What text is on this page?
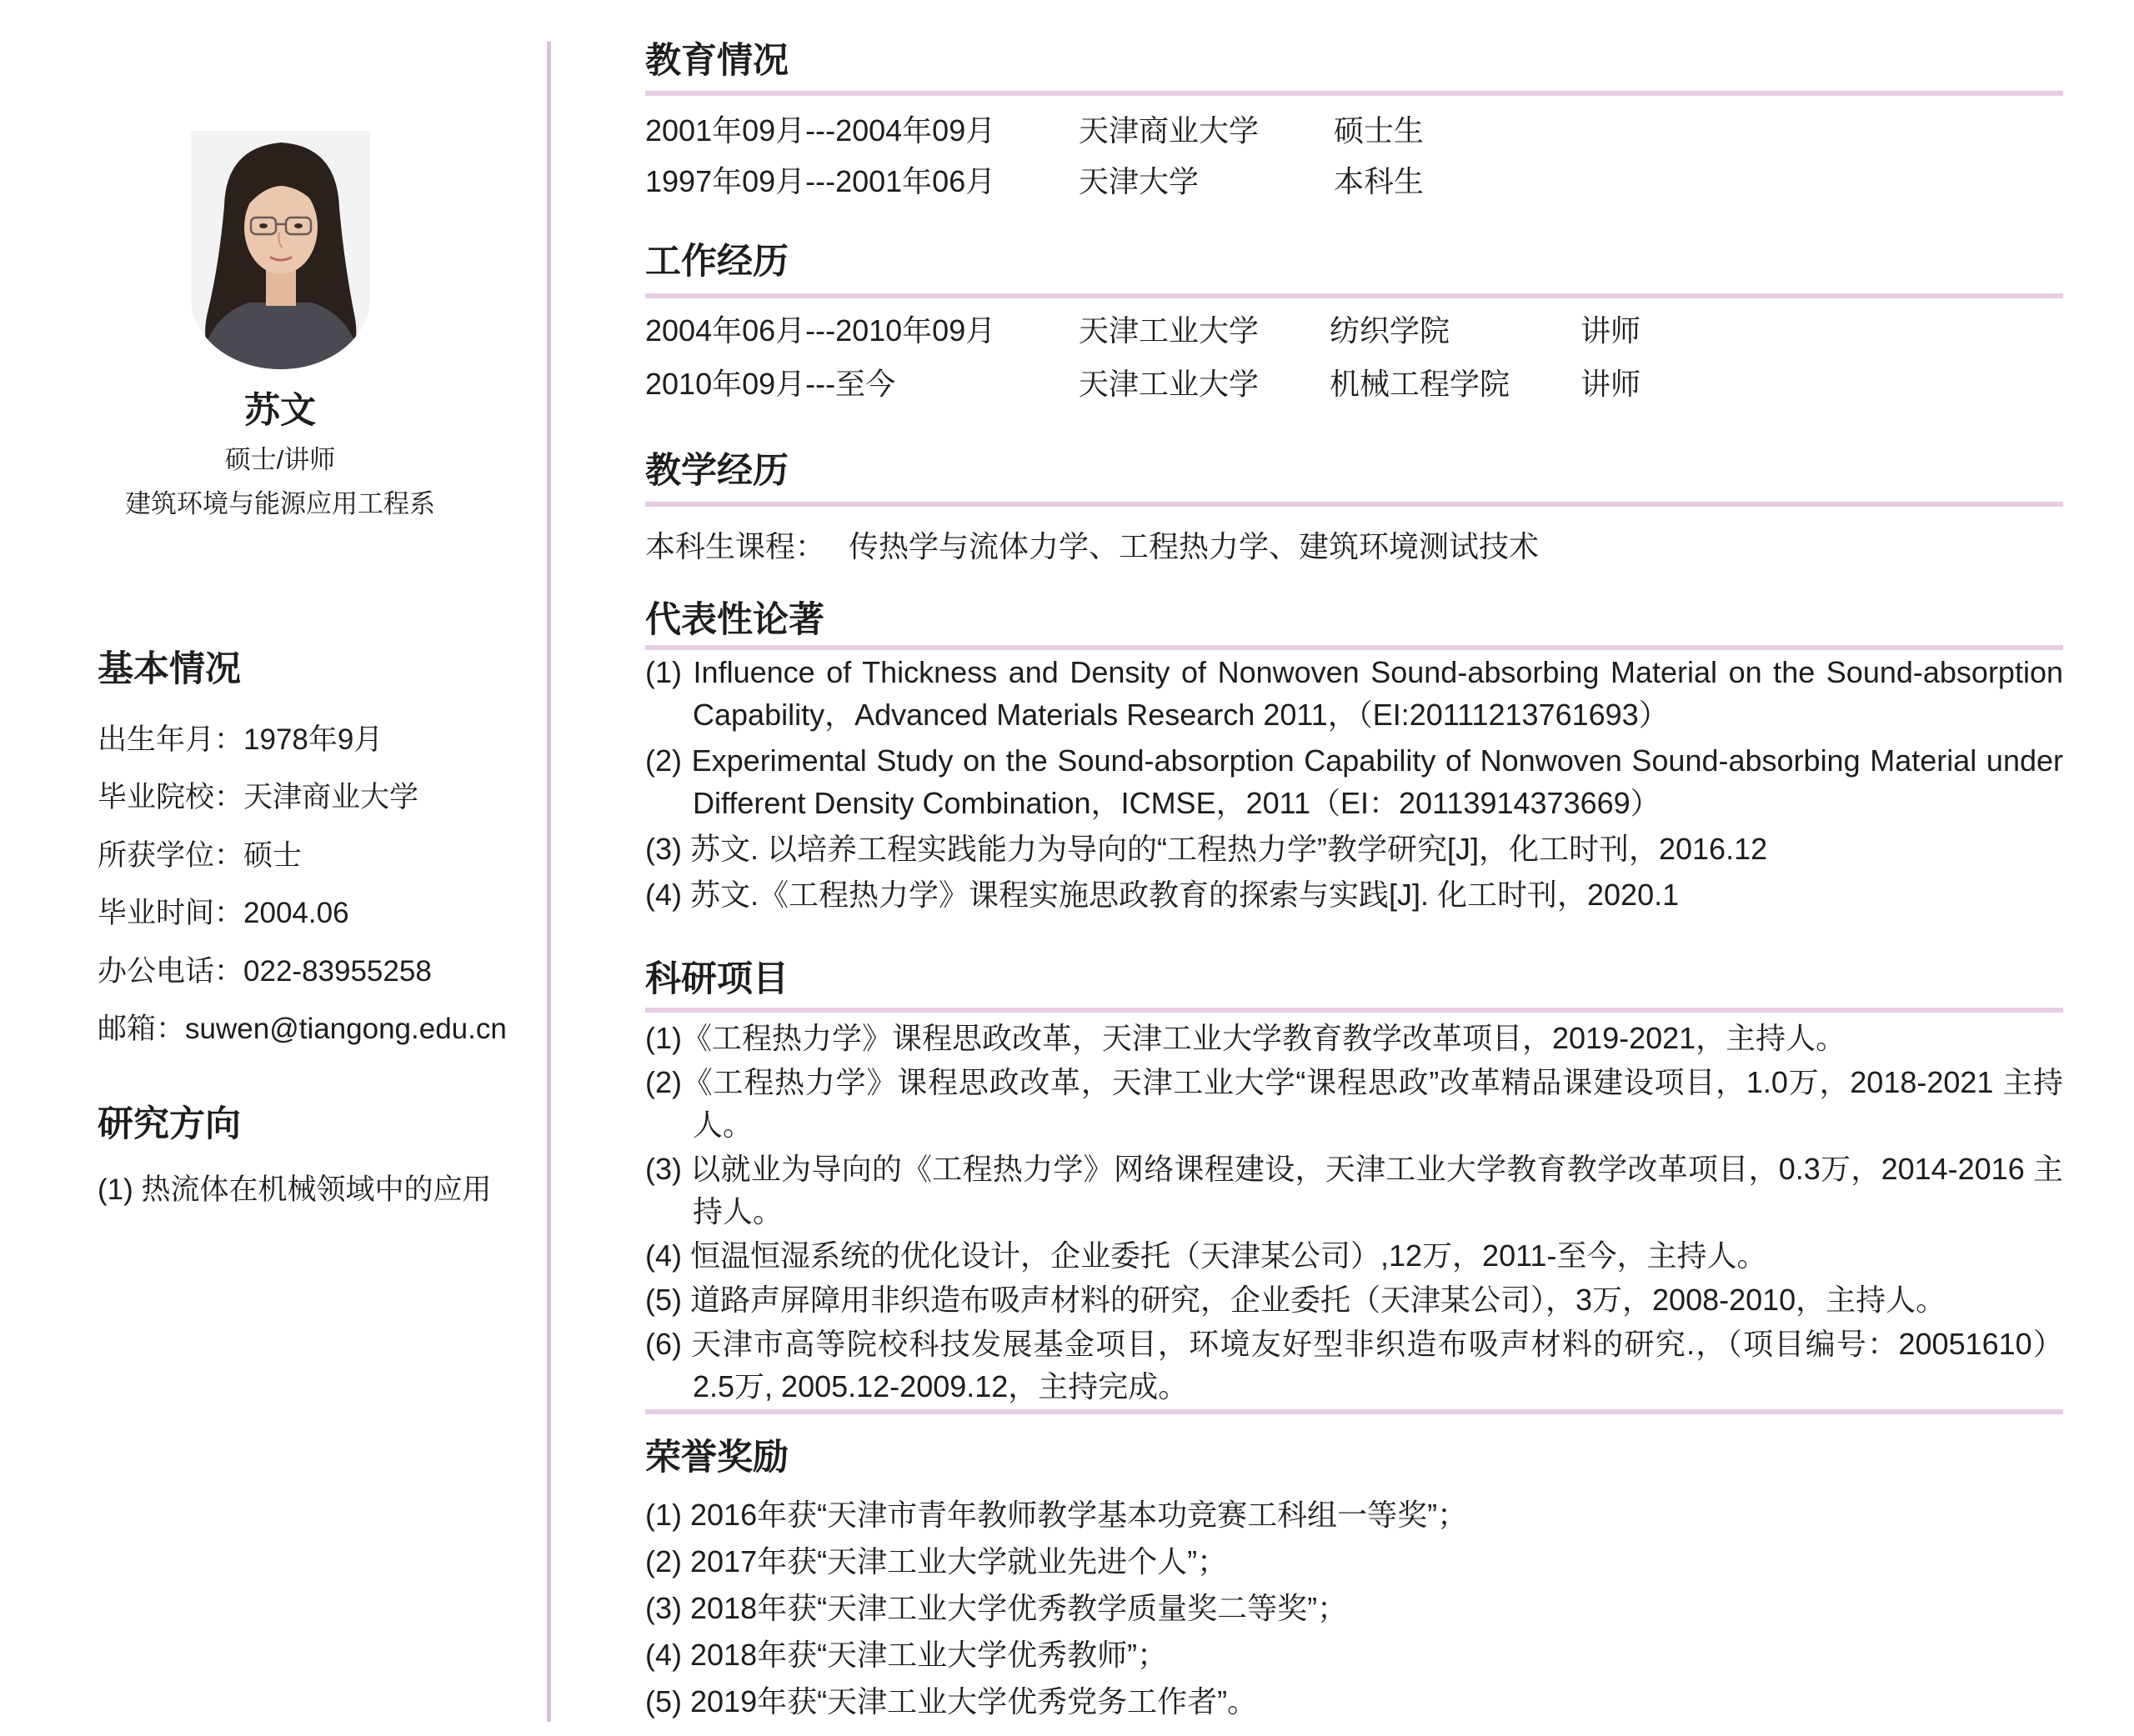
苏文
硕士/讲师
建筑环境与能源应用工程系
基本情况
出生年月：1978年9月
毕业院校：天津商业大学
所获学位：硕士
毕业时间：2004.06
办公电话：022-83955258
邮箱：suwen@tiangong.edu.cn
研究方向
(1) 热流体在机械领域中的应用
教育情况
2001年09月---2004年09月	天津商业大学 硕士生
1997年09月---2001年06月	天津大学	本科生
工作经历
2004年06月---2010年09月	天津工业大学 纺织学院	讲师
2010年09月---至今	天津工业大学 机械工程学院 讲师
教学经历
本科生课程： 传热学与流体力学、工程热力学、建筑环境测试技术
代表性论著
(1) Influence of Thickness and Density of Nonwoven Sound-absorbing Material on the Sound-absorption Capability，Advanced Materials Research 2011，（EI:20111213761693）
(2) Experimental Study on the Sound-absorption Capability of Nonwoven Sound-absorbing Material under Different Density Combination，ICMSE，2011（EI：20113914373669）
(3) 苏文. 以培养工程实践能力为导向的“工程热力学”教学研究[J]，化工时刊，2016.12
(4) 苏文.《工程热力学》课程实施思政教育的探索与实践[J]. 化工时刊，2020.1
科研项目
(1)《工程热力学》课程思政改革，天津工业大学教育教学改革项目，2019-2021，主持人。
(2)《工程热力学》课程思政改革，天津工业大学“课程思政”改革精品课建设项目，1.0万，2018-2021 主持人。
(3) 以就业为导向的《工程热力学》网络课程建设，天津工业大学教育教学改革项目，0.3万，2014-2016 主持人。
(4) 恒温恒湿系统的优化设计，企业委托（天津某公司）,12万，2011-至今，主持人。
(5) 道路声屏障用非织造布吸声材料的研究，企业委托（天津某公司），3万，2008-2010，主持人。
(6) 天津市高等院校科技发展基金项目，环境友好型非织造布吸声材料的研究.，（项目编号：20051610） 2.5万, 2005.12-2009.12，主持完成。
荣誉奖励
(1) 2016年获“天津市青年教师教学基本功竞赛工科组一等奖”；
(2) 2017年获“天津工业大学就业先进个人”；
(3) 2018年获“天津工业大学优秀教学质量奖二等奖”；
(4) 2018年获“天津工业大学优秀教师”；
(5) 2019年获“天津工业大学优秀党务工作者”。
